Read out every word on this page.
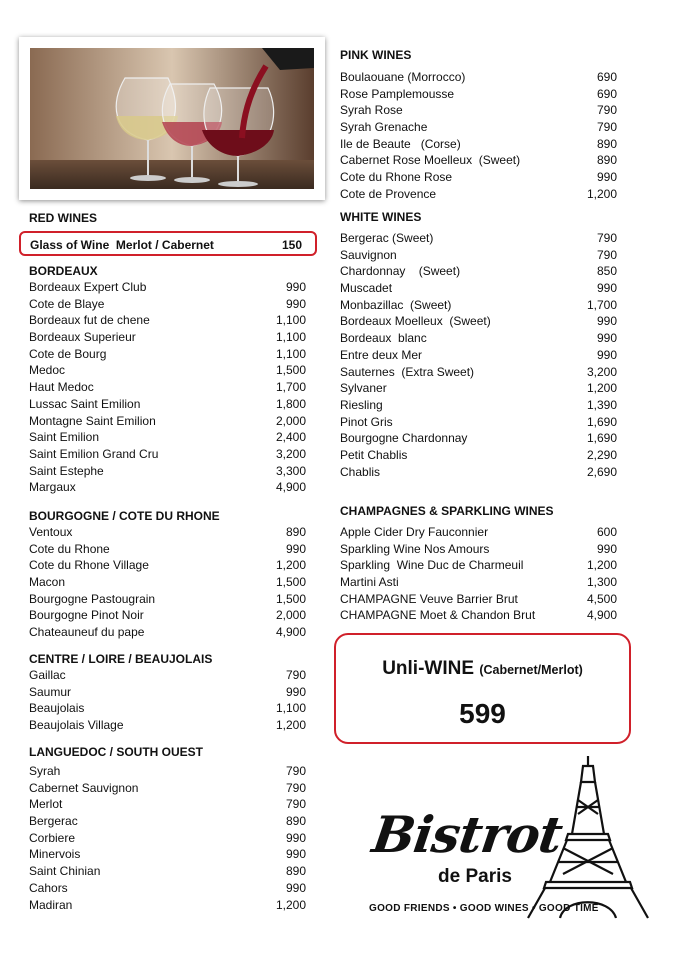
RED WINES
BORDEAUX
Bordeaux Expert Club	990
Cote de Blaye	990
Bordeaux fut de chene	1,100
Bordeaux Superieur	1,100
Cote de Bourg	1,100
Medoc	1,500
Haut Medoc	1,700
Lussac Saint Emilion	1,800
Montagne Saint Emilion	2,000
Saint Emilion	2,400
Saint Emilion Grand Cru	3,200
Saint Estephe	3,300
Margaux	4,900
BOURGOGNE / COTE DU RHONE
Ventoux	890
Cote du Rhone	990
Cote du Rhone Village	1,200
Macon	1,500
Bourgogne Pastougrain	1,500
Bourgogne Pinot Noir	2,000
Chateauneuf du pape	4,900
CENTRE / LOIRE / BEAUJOLAIS
Gaillac	790
Saumur	990
Beaujolais	1,100
Beaujolais Village	1,200
LANGUEDOC / SOUTH OUEST
Syrah	790
Cabernet Sauvignon	790
Merlot	790
Bergerac	890
Corbiere	990
Minervois	990
Saint Chinian	890
Cahors	990
Madiran	1,200
Glass of Wine  Merlot / Cabernet	150
PINK WINES
Boulaouane (Morrocco)	690
Rose Pamplemousse	690
Syrah Rose	790
Syrah Grenache	790
Ile de Beaute   (Corse)	890
Cabernet Rose Moelleux  (Sweet)	890
Cote du Rhone Rose	990
Cote de Provence	1,200
WHITE WINES
Bergerac (Sweet)	790
Sauvignon	790
Chardonnay    (Sweet)	850
Muscadet	990
Monbazillac  (Sweet)	1,700
Bordeaux Moelleux  (Sweet)	990
Bordeaux  blanc	990
Entre deux Mer	990
Sauternes  (Extra Sweet)	3,200
Sylvaner	1,200
Riesling	1,390
Pinot Gris	1,690
Bourgogne Chardonnay	1,690
Petit Chablis	2,290
Chablis	2,690
CHAMPAGNES & SPARKLING WINES
Apple Cider Dry Fauconnier	600
Sparkling Wine Nos Amours	990
Sparkling  Wine Duc de Charmeuil	1,200
Martini Asti	1,300
CHAMPAGNE Veuve Barrier Brut	4,500
CHAMPAGNE Moet & Chandon Brut	4,900
Unli-WINE (Cabernet/Merlot)
599
Bistrot
de Paris
GOOD FRIENDS • GOOD WINES • GOOD TIME
